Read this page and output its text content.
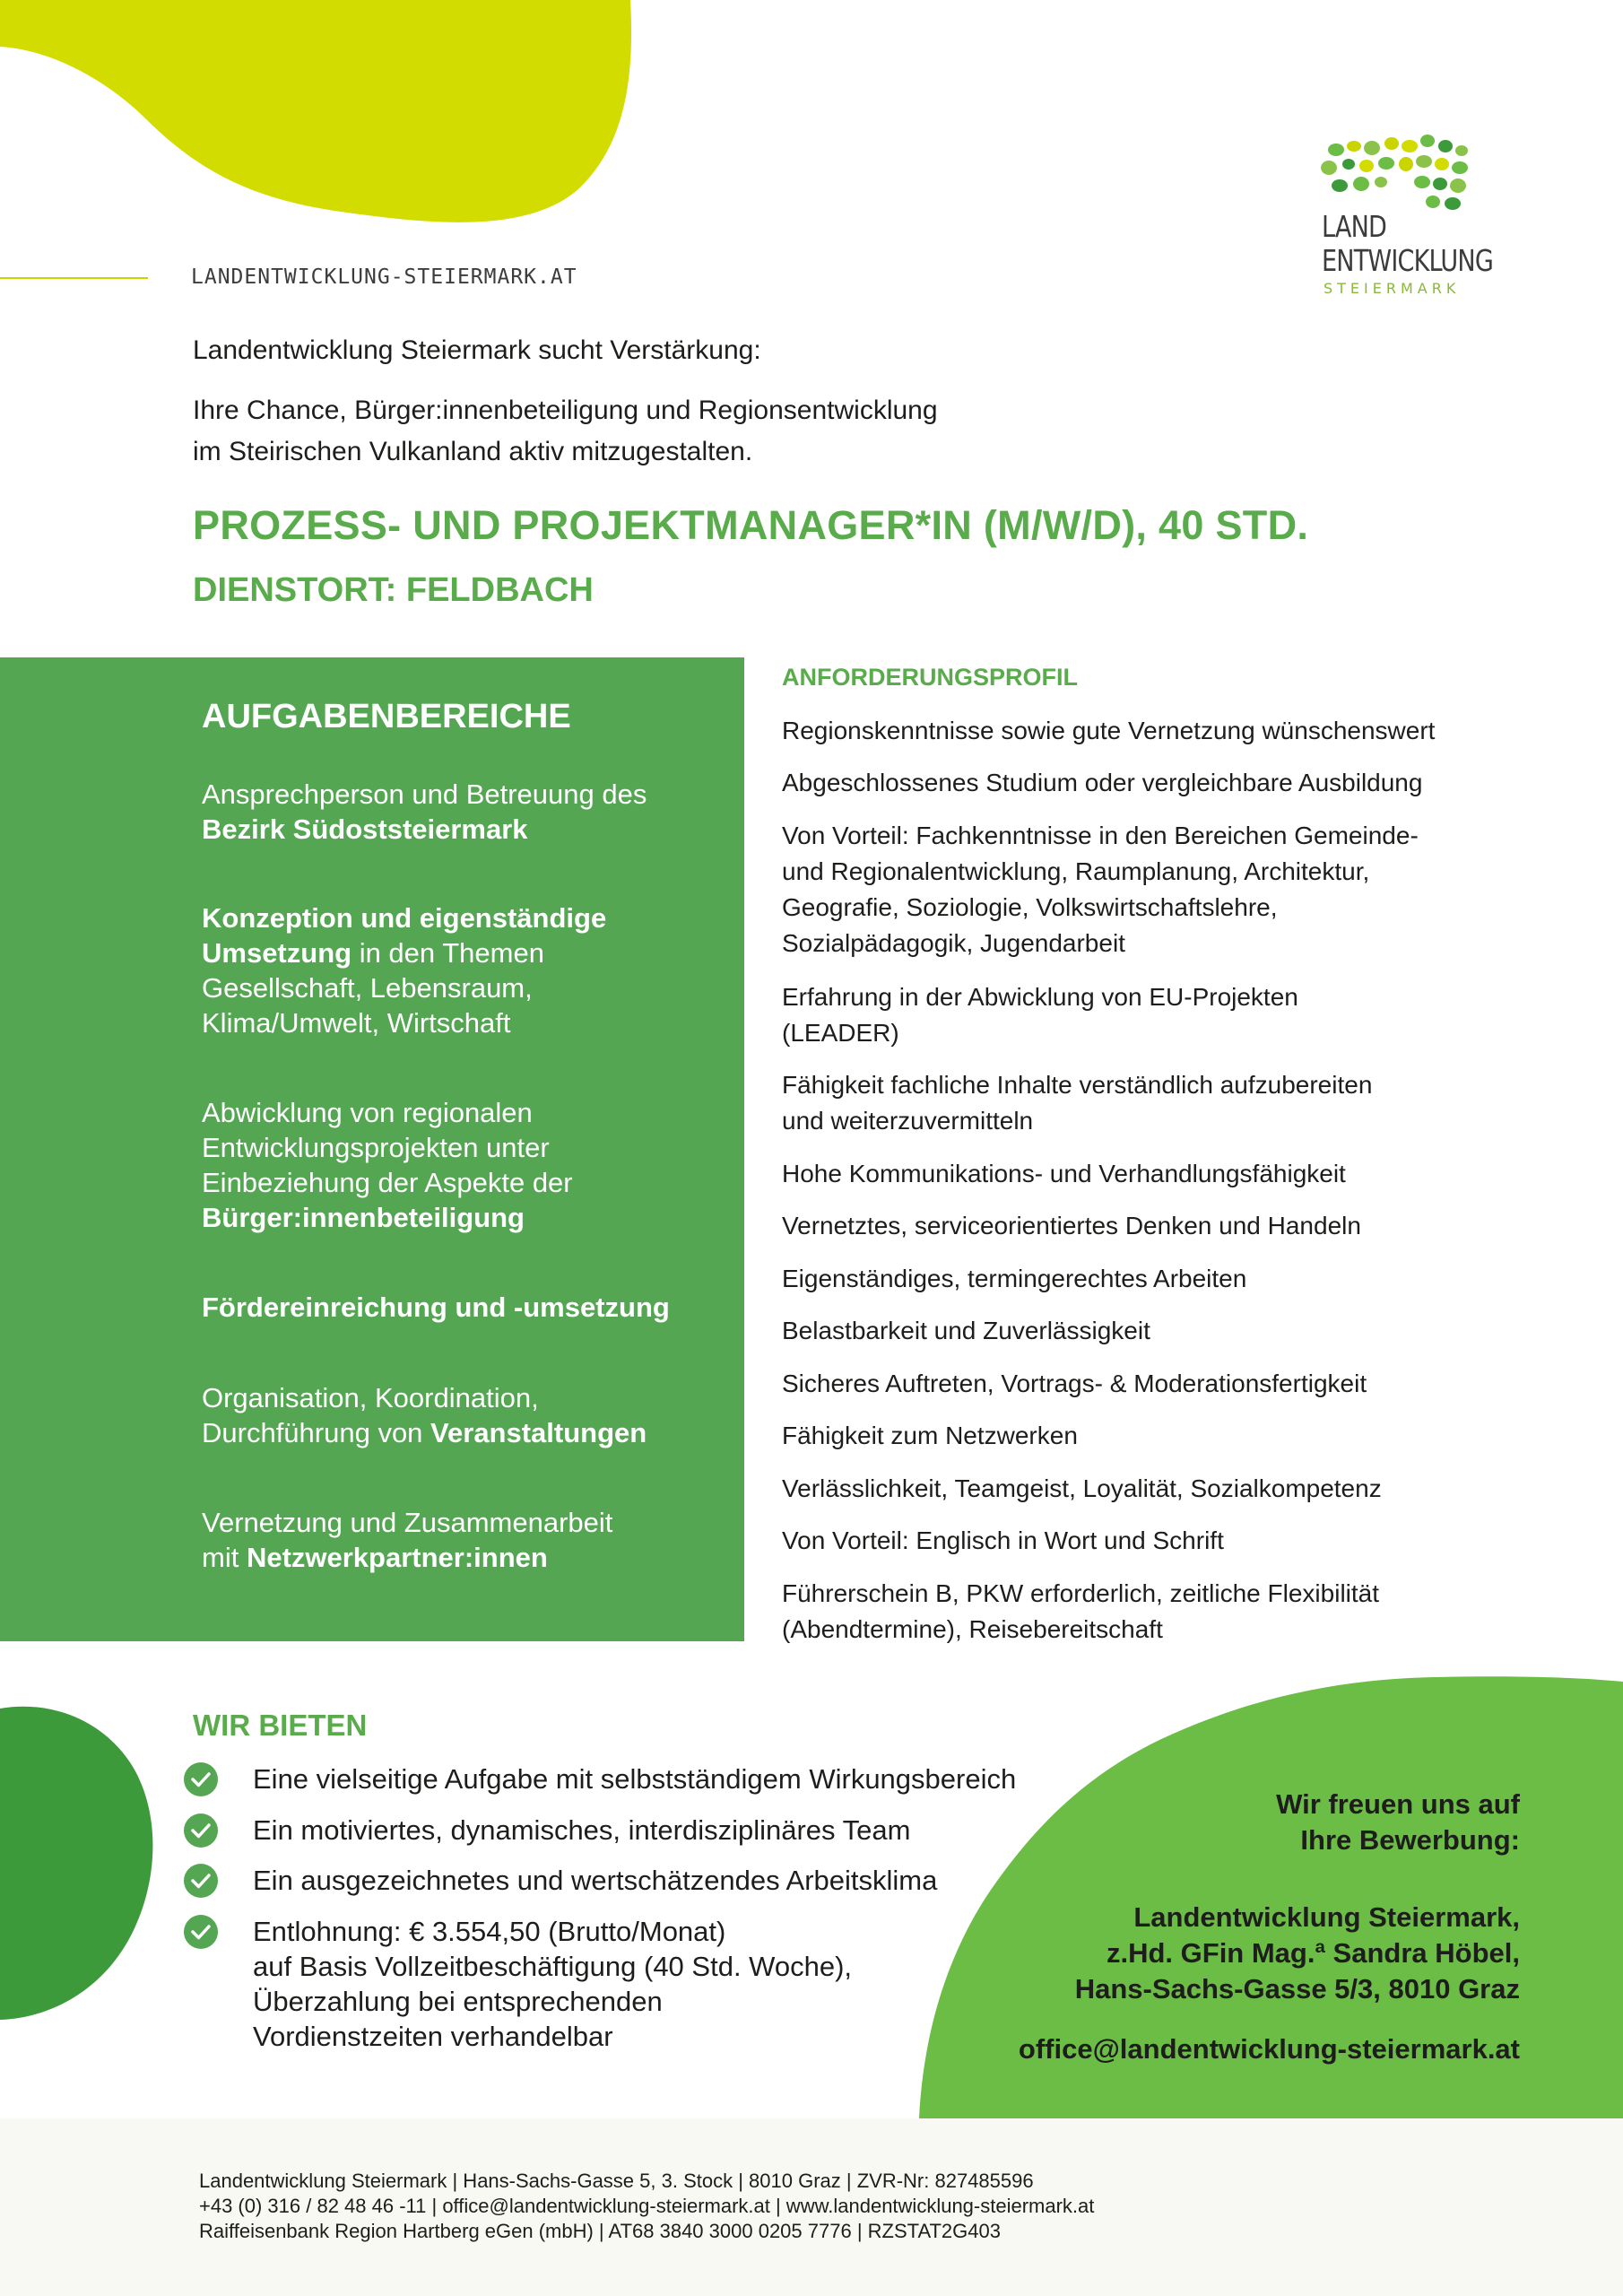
LANDENTWICKLUNG-STEIERMARK.AT
LAND
ENTWICKLUNG
STEIERMARK
Landentwicklung Steiermark sucht Verstärkung:
Ihre Chance, Bürger:innenbeteiligung und Regionsentwicklung
im Steirischen Vulkanland aktiv mitzugestalten.
PROZESS- UND PROJEKTMANAGER*IN (M/W/D), 40 STD.
DIENSTORT: FELDBACH
AUFGABENBEREICHE
Ansprechperson und Betreuung des
Bezirk Südoststeiermark
Konzeption und eigenständige
Umsetzung in den Themen
Gesellschaft, Lebensraum,
Klima/Umwelt, Wirtschaft
Abwicklung von regionalen
Entwicklungsprojekten unter
Einbeziehung der Aspekte der
Bürger:innenbeteiligung
Fördereinreichung und -umsetzung
Organisation, Koordination,
Durchführung von Veranstaltungen
Vernetzung und Zusammenarbeit
mit Netzwerkpartner:innen
ANFORDERUNGSPROFIL
Regionskenntnisse sowie gute Vernetzung wünschenswert
Abgeschlossenes Studium oder vergleichbare Ausbildung
Von Vorteil: Fachkenntnisse in den Bereichen Gemeinde-
und Regionalentwicklung, Raumplanung, Architektur,
Geografie, Soziologie, Volkswirtschaftslehre,
Sozialpädagogik, Jugendarbeit
Erfahrung in der Abwicklung von EU-Projekten
(LEADER)
Fähigkeit fachliche Inhalte verständlich aufzubereiten
und weiterzuvermitteln
Hohe Kommunikations- und Verhandlungsfähigkeit
Vernetztes, serviceorientiertes Denken und Handeln
Eigenständiges, termingerechtes Arbeiten
Belastbarkeit und Zuverlässigkeit
Sicheres Auftreten, Vortrags- & Moderationsfertigkeit
Fähigkeit zum Netzwerken
Verlässlichkeit, Teamgeist, Loyalität, Sozialkompetenz
Von Vorteil: Englisch in Wort und Schrift
Führerschein B, PKW erforderlich, zeitliche Flexibilität
(Abendtermine), Reisebereitschaft
WIR BIETEN
Eine vielseitige Aufgabe mit selbstständigem Wirkungsbereich
Ein motiviertes, dynamisches, interdisziplinäres Team
Ein ausgezeichnetes und wertschätzendes Arbeitsklima
Entlohnung: € 3.554,50 (Brutto/Monat)
auf Basis Vollzeitbeschäftigung (40 Std. Woche),
Überzahlung bei entsprechenden
Vordienstzeiten verhandelbar
Wir freuen uns auf
Ihre Bewerbung:
Landentwicklung Steiermark,
z.Hd. GFin Mag.ª Sandra Höbel,
Hans-Sachs-Gasse 5/3, 8010 Graz
office@landentwicklung-steiermark.at
Landentwicklung Steiermark | Hans-Sachs-Gasse 5, 3. Stock | 8010 Graz | ZVR-Nr: 827485596
+43 (0) 316 / 82 48 46 -11 | office@landentwicklung-steiermark.at | www.landentwicklung-steiermark.at
Raiffeisenbank Region Hartberg eGen (mbH) | AT68 3840 3000 0205 7776 | RZSTAT2G403
